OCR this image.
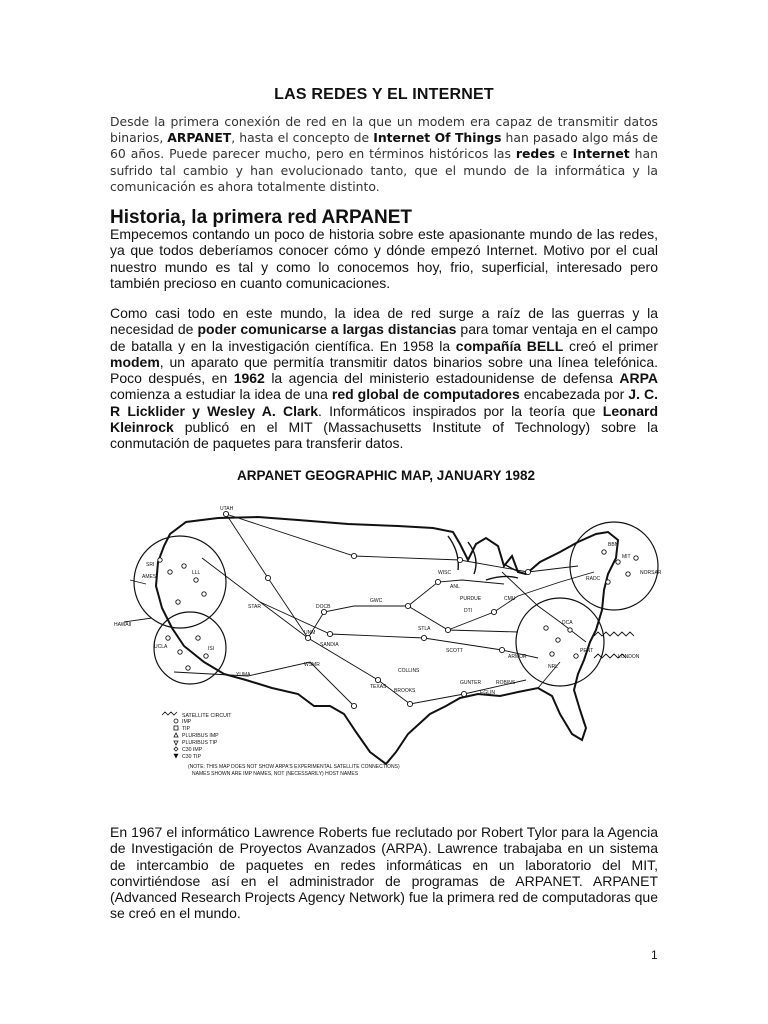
LAS REDES Y EL INTERNET
Desde la primera conexión de red en la que un modem era capaz de transmitir datos binarios, ARPANET, hasta el concepto de Internet Of Things han pasado algo más de 60 años. Puede parecer mucho, pero en términos históricos las redes e Internet han sufrido tal cambio y han evolucionado tanto, que el mundo de la informática y la comunicación es ahora totalmente distinto.
Historia, la primera red ARPANET
Empecemos contando un poco de historia sobre este apasionante mundo de las redes, ya que todos deberíamos conocer cómo y dónde empezó Internet. Motivo por el cual nuestro mundo es tal y como lo conocemos hoy, frio, superficial, interesado pero también precioso en cuanto comunicaciones.
Como casi todo en este mundo, la idea de red surge a raíz de las guerras y la necesidad de poder comunicarse a largas distancias para tomar ventaja en el campo de batalla y en la investigación científica. En 1958 la compañía BELL creó el primer modem, un aparato que permitía transmitir datos binarios sobre una línea telefónica. Poco después, en 1962 la agencia del ministerio estadounidense de defensa ARPA comienza a estudiar la idea de una red global de computadores encabezada por J. C. R Licklider y Wesley A. Clark. Informáticos inspirados por la teoría que Leonard Kleinrock publicó en el MIT (Massachusetts Institute of Technology) sobre la conmutación de paquetes para transferir datos.
ARPANET GEOGRAPHIC MAP, JANUARY 1982
UTAH
STAR	DOCB
SANDIA
UNM
YUMA
WSMR
TEXAS
COLLINS
BROOKS
GUNTER	ROBINS
EGLIN
ARMOR
SCOTT
STLA
GWC	PURDUE
WISC
CMU
DTI
ANL
NORSAR
LONDON
HAWAII
SRI
AMES
LLL
UCLA	ISI
MIT
BBN
NRL
DCA
RADC
PENT
SATELLITE CIRCUIT
IMP
TIP
PLURIBUS IMP
PLURIBUS TIP
C30 IMP
C30 TIP
(NOTE: THIS MAP DOES NOT SHOW ARPA'S EXPERIMENTAL SATELLITE CONNECTIONS)
NAMES SHOWN ARE IMP NAMES, NOT (NECESSARILY) HOST NAMES
En 1967 el informático Lawrence Roberts fue reclutado por Robert Tylor para la Agencia de Investigación de Proyectos Avanzados (ARPA). Lawrence trabajaba en un sistema de intercambio de paquetes en redes informáticas en un laboratorio del MIT, convirtiéndose así en el administrador de programas de ARPANET. ARPANET (Advanced Research Projects Agency Network) fue la primera red de computadoras que se creó en el mundo.
1
